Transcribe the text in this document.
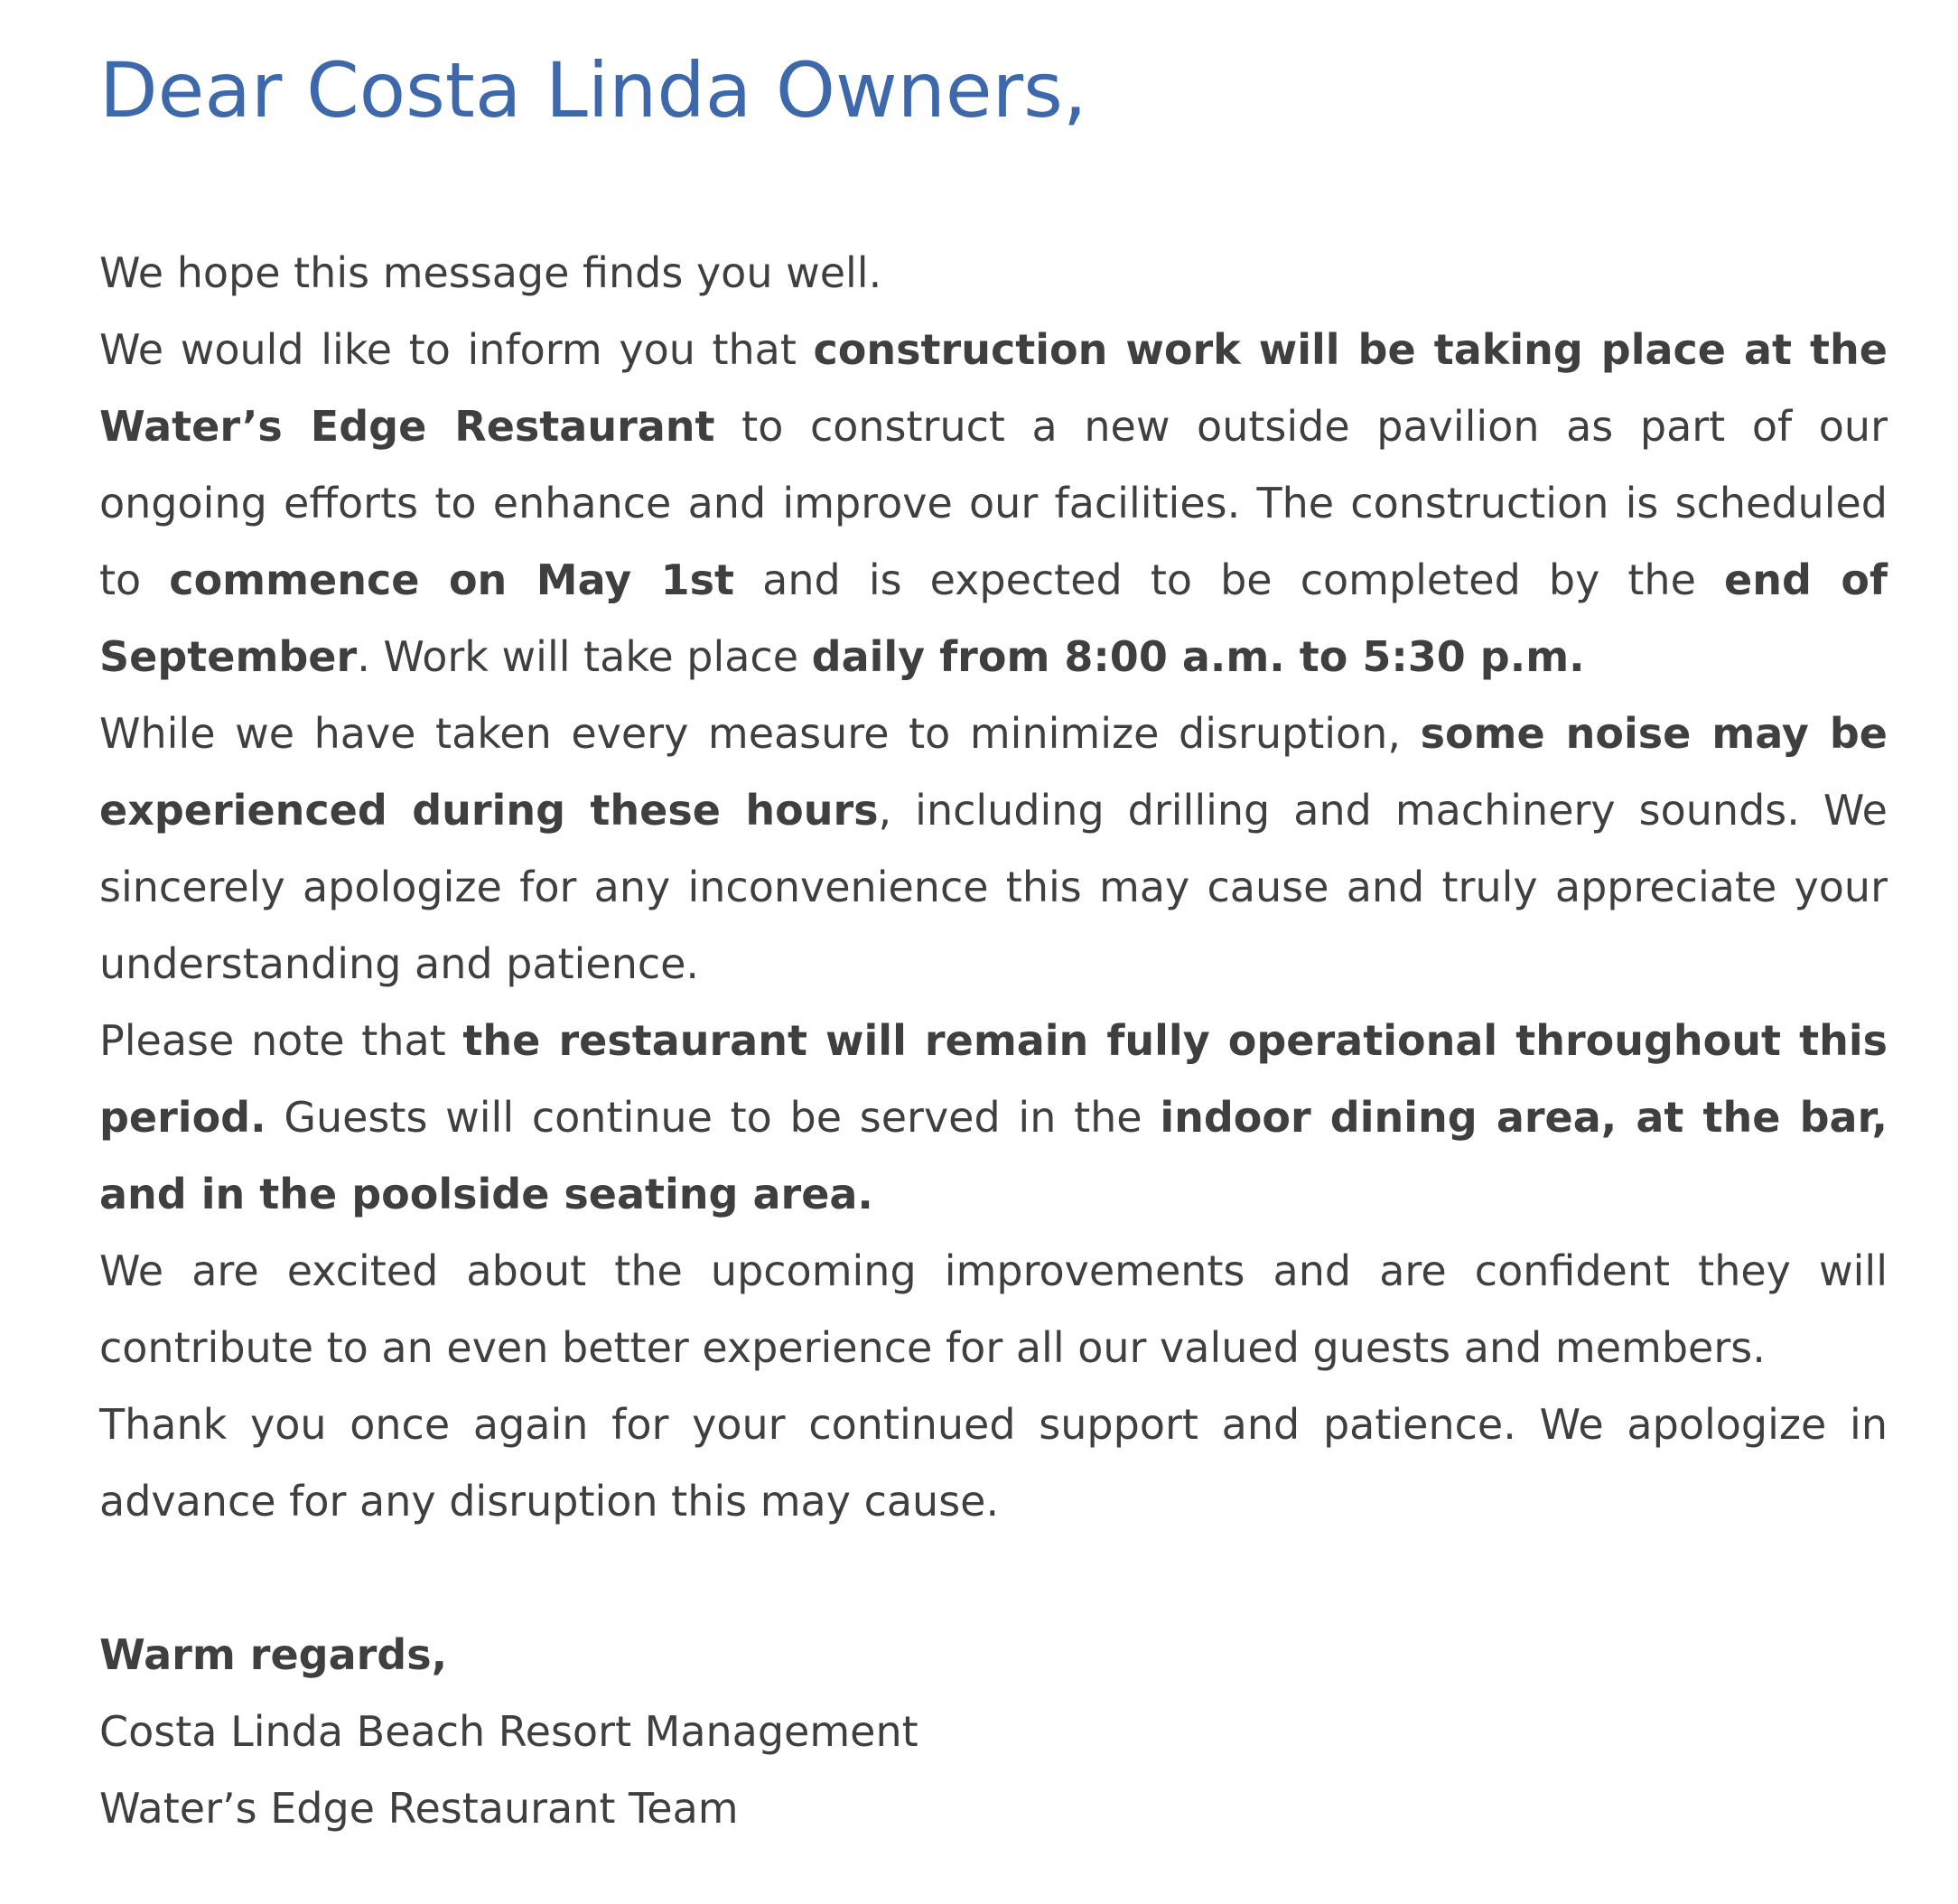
Dear Costa Linda Owners,

We hope this message finds you well.

We would like to inform you that construction work will be taking place at the Water’s Edge Restaurant to construct a new outside pavilion as part of our ongoing efforts to enhance and improve our facilities. The construction is scheduled to commence on May 1st and is expected to be completed by the end of September. Work will take place daily from 8:00 a.m. to 5:30 p.m.

While we have taken every measure to minimize disruption, some noise may be experienced during these hours, including drilling and machinery sounds. We sincerely apologize for any inconvenience this may cause and truly appreciate your understanding and patience.

Please note that the restaurant will remain fully operational throughout this period. Guests will continue to be served in the indoor dining area, at the bar, and in the poolside seating area.

We are excited about the upcoming improvements and are confident they will contribute to an even better experience for all our valued guests and members.

Thank you once again for your continued support and patience. We apologize in advance for any disruption this may cause.

Warm regards,

Costa Linda Beach Resort Management

Water’s Edge Restaurant Team
